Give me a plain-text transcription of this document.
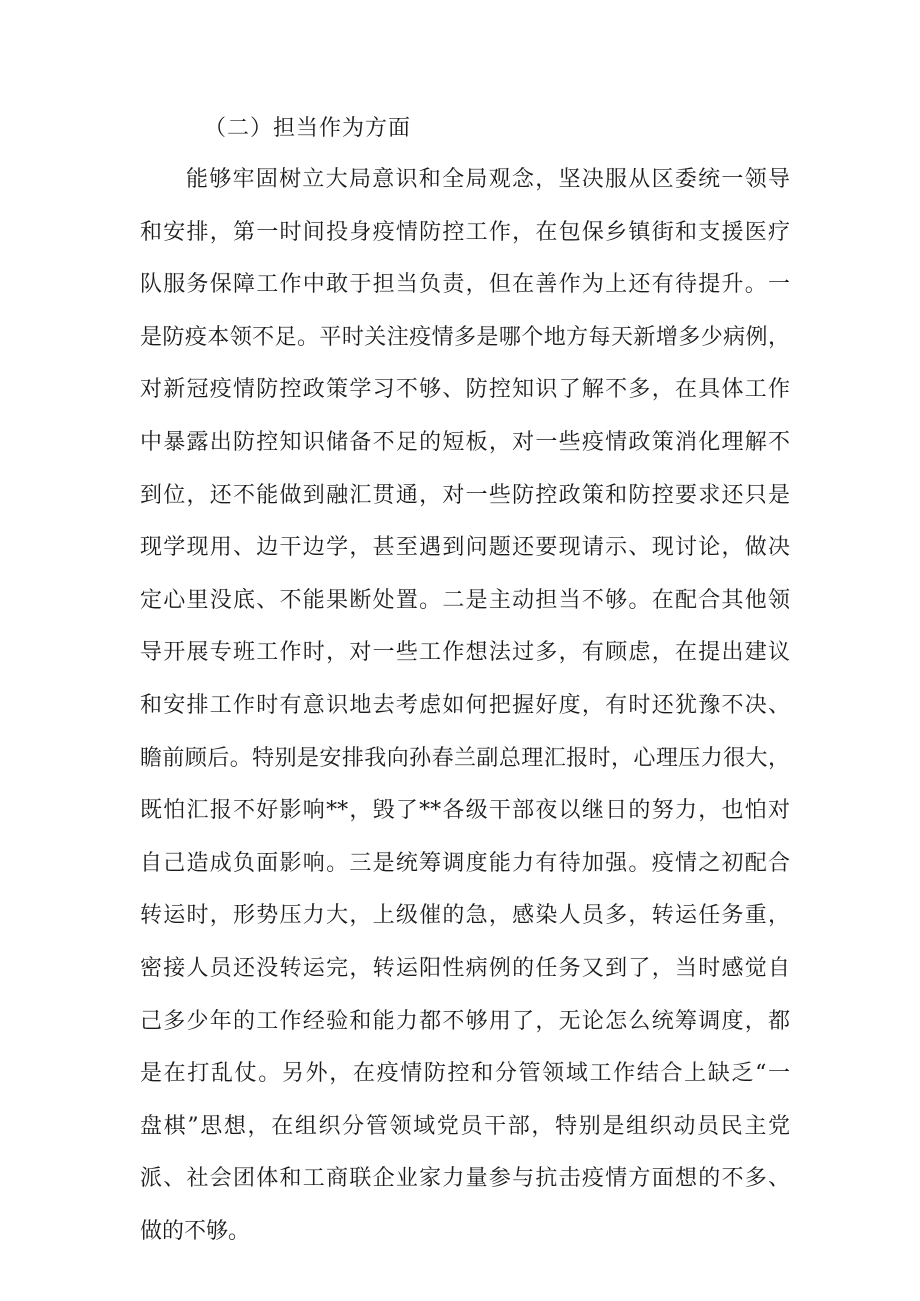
（二）担当作为方面
能够牢固树立大局意识和全局观念，坚决服从区委统一领导
和安排，第一时间投身疫情防控工作，在包保乡镇街和支援医疗
队服务保障工作中敢于担当负责，但在善作为上还有待提升。一
是防疫本领不足。平时关注疫情多是哪个地方每天新增多少病例，
对新冠疫情防控政策学习不够、防控知识了解不多，在具体工作
中暴露出防控知识储备不足的短板，对一些疫情政策消化理解不
到位，还不能做到融汇贯通，对一些防控政策和防控要求还只是
现学现用、边干边学，甚至遇到问题还要现请示、现讨论，做决
定心里没底、不能果断处置。二是主动担当不够。在配合其他领
导开展专班工作时，对一些工作想法过多，有顾虑，在提出建议
和安排工作时有意识地去考虑如何把握好度，有时还犹豫不决、
瞻前顾后。特别是安排我向孙春兰副总理汇报时，心理压力很大，
既怕汇报不好影响**，毁了**各级干部夜以继日的努力，也怕对
自己造成负面影响。三是统筹调度能力有待加强。疫情之初配合
转运时，形势压力大，上级催的急，感染人员多，转运任务重，
密接人员还没转运完，转运阳性病例的任务又到了，当时感觉自
己多少年的工作经验和能力都不够用了，无论怎么统筹调度，都
是在打乱仗。另外，在疫情防控和分管领域工作结合上缺乏“一
盘棋”思想，在组织分管领域党员干部，特别是组织动员民主党
派、社会团体和工商联企业家力量参与抗击疫情方面想的不多、
做的不够。
